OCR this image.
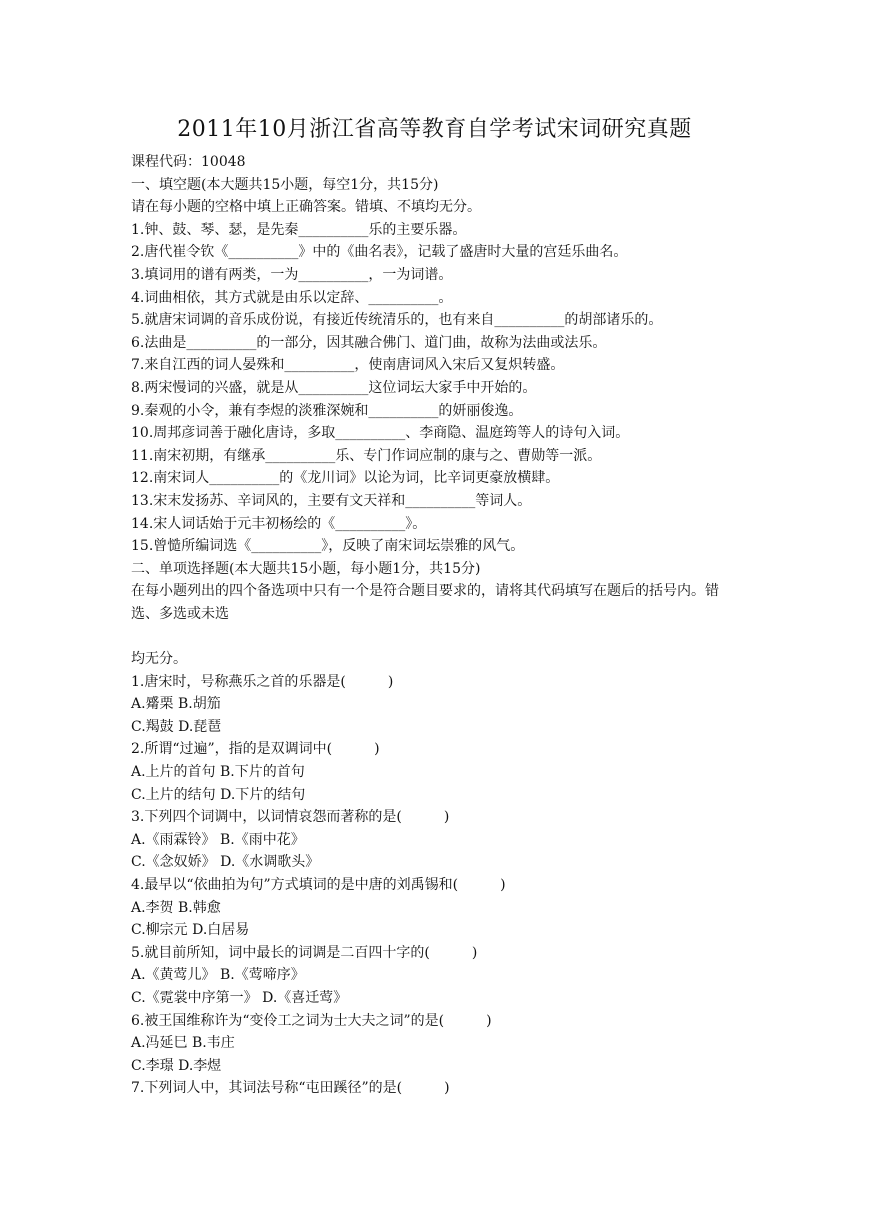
2011年10月浙江省高等教育自学考试宋词研究真题
课程代码：10048
一、填空题(本大题共15小题，每空1分，共15分)
请在每小题的空格中填上正确答案。错填、不填均无分。
1.钟、鼓、琴、瑟，是先秦__________乐的主要乐器。
2.唐代崔令钦《__________》中的《曲名表》，记载了盛唐时大量的宫廷乐曲名。
3.填词用的谱有两类，一为__________，一为词谱。
4.词曲相依，其方式就是由乐以定辞、__________。
5.就唐宋词调的音乐成份说，有接近传统清乐的，也有来自__________的胡部诸乐的。
6.法曲是__________的一部分，因其融合佛门、道门曲，故称为法曲或法乐。
7.来自江西的词人晏殊和__________，使南唐词风入宋后又复炽转盛。
8.两宋慢词的兴盛，就是从__________这位词坛大家手中开始的。
9.秦观的小令，兼有李煜的淡雅深婉和__________的妍丽俊逸。
10.周邦彦词善于融化唐诗，多取__________、李商隐、温庭筠等人的诗句入词。
11.南宋初期，有继承__________乐、专门作词应制的康与之、曹勋等一派。
12.南宋词人__________的《龙川词》以论为词，比辛词更豪放横肆。
13.宋末发扬苏、辛词风的，主要有文天祥和__________等词人。
14.宋人词话始于元丰初杨绘的《__________》。
15.曾慥所编词选《__________》，反映了南宋词坛崇雅的风气。
二、单项选择题(本大题共15小题，每小题1分，共15分)
在每小题列出的四个备选项中只有一个是符合题目要求的，请将其代码填写在题后的括号内。错选、多选或未选
均无分。
1.唐宋时，号称燕乐之首的乐器是(　　　)
A.觱栗 B.胡笳
C.羯鼓 D.琵琶
2.所谓“过遍”，指的是双调词中(　　　)
A.上片的首句 B.下片的首句
C.上片的结句 D.下片的结句
3.下列四个词调中，以词情哀怨而著称的是(　　　)
A.《雨霖铃》 B.《雨中花》
C.《念奴娇》 D.《水调歌头》
4.最早以“依曲拍为句”方式填词的是中唐的刘禹锡和(　　　)
A.李贺 B.韩愈
C.柳宗元 D.白居易
5.就目前所知，词中最长的词调是二百四十字的(　　　)
A.《黄莺儿》 B.《莺啼序》
C.《霓裳中序第一》 D.《喜迁莺》
6.被王国维称许为“变伶工之词为士大夫之词”的是(　　　)
A.冯延巳 B.韦庄
C.李璟 D.李煜
7.下列词人中，其词法号称“屯田蹊径”的是(　　　)
